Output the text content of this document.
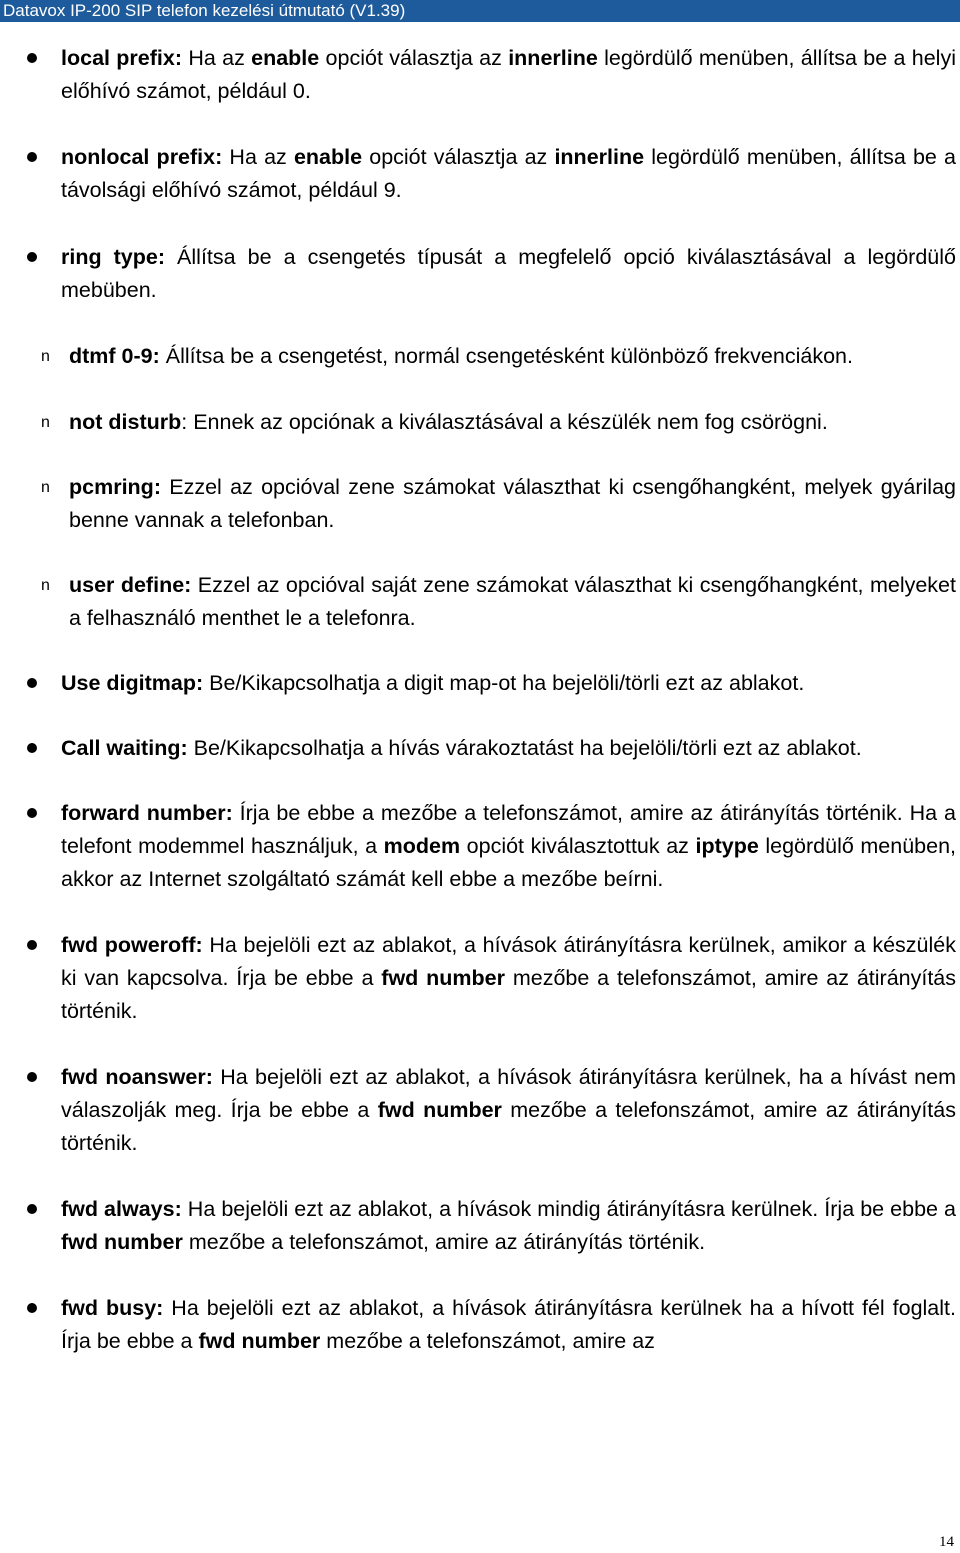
Datavox IP-200 SIP telefon kezelési útmutató (V1.39)
local prefix: Ha az enable opciót választja az innerline legördülő menüben, állítsa be a helyi előhívó számot, például 0.
nonlocal prefix: Ha az enable opciót választja az innerline legördülő menüben, állítsa be a távolsági előhívó számot, például 9.
ring type: Állítsa be a csengetés típusát a megfelelő opció kiválasztásával a legördülő mebüben.
n dtmf 0-9: Állítsa be a csengetést, normál csengetésként különböző frekvenciákon.
n not disturb: Ennek az opciónak a kiválasztásával a készülék nem fog csörögni.
n pcmring: Ezzel az opcióval zene számokat választhat ki csengőhangként, melyek gyárilag benne vannak a telefonban.
n user define: Ezzel az opcióval saját zene számokat választhat ki csengőhangként, melyeket a felhasználó menthet le a telefonra.
Use digitmap: Be/Kikapcsolhatja a digit map-ot ha bejelöli/törli ezt az ablakot.
Call waiting: Be/Kikapcsolhatja a hívás várakoztatást ha bejelöli/törli ezt az ablakot.
forward number: Írja be ebbe a mezőbe a telefonszámot, amire az átirányítás történik. Ha a telefont modemmel használjuk, a modem opciót kiválasztottuk az iptype legördülő menüben, akkor az Internet szolgáltató számát kell ebbe a mezőbe beírni.
fwd poweroff: Ha bejelöli ezt az ablakot, a hívások átirányításra kerülnek, amikor a készülék ki van kapcsolva. Írja be ebbe a fwd number mezőbe a telefonszámot, amire az átirányítás történik.
fwd noanswer: Ha bejelöli ezt az ablakot, a hívások átirányításra kerülnek, ha a hívást nem válaszolják meg. Írja be ebbe a fwd number mezőbe a telefonszámot, amire az átirányítás történik.
fwd always: Ha bejelöli ezt az ablakot, a hívások mindig átirányításra kerülnek. Írja be ebbe a fwd number mezőbe a telefonszámot, amire az átirányítás történik.
fwd busy: Ha bejelöli ezt az ablakot, a hívások átirányításra kerülnek ha a hívott fél foglalt. Írja be ebbe a fwd number mezőbe a telefonszámot, amire az
14
